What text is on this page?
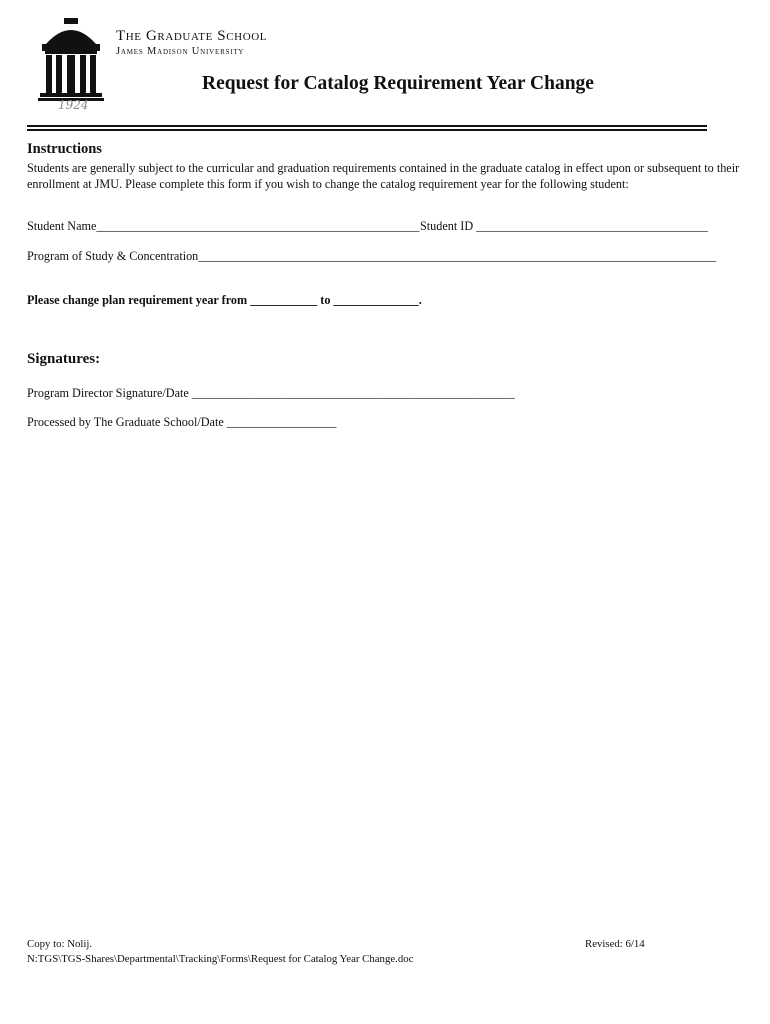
1924
The Graduate School
James Madison University
Request for Catalog Requirement Year Change
Instructions
Students are generally subject to the curricular and graduation requirements contained in the graduate catalog in effect upon or subsequent to their enrollment at JMU. Please complete this form if you wish to change the catalog requirement year for the following student:
Student Name_____________________________________________________ Student ID ______________________________________
Program of Study & Concentration_____________________________________________________________________________________
Please change plan requirement year from ___________ to ______________.
Signatures:
Program Director Signature/Date _____________________________________________________
Processed by The Graduate School/Date __________________
Copy to: Nolij.
N:TGS\TGS-Shares\Departmental\Tracking\Forms\Request for Catalog Year Change.doc
Revised: 6/14
